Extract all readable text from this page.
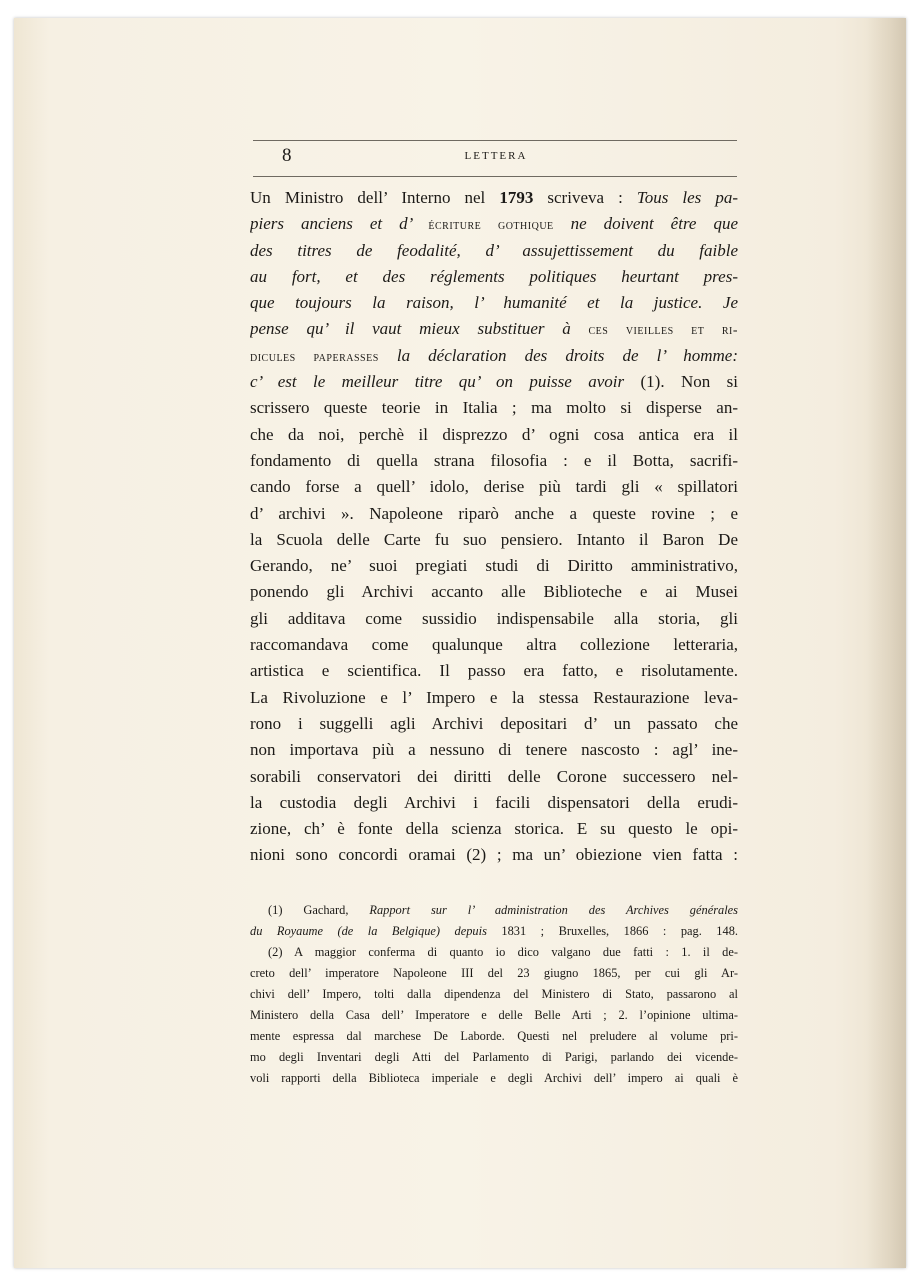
8	LETTERA
Un Ministro dell’ Interno nel 1793 scriveva : Tous les pa-
piers anciens et d’ écriture gothique ne doivent être que
des titres de feodalité, d’ assujettissement du faible
au fort, et des réglements politiques heurtant pres-
que toujours la raison, l’ humanité et la justice. Je
pense qu’ il vaut mieux substituer à ces vieilles et ri-
dicules paperasses la déclaration des droits de l’ homme:
c’ est le meilleur titre qu’ on puisse avoir (1). Non si
scrissero queste teorie in Italia ; ma molto si disperse an-
che da noi, perchè il disprezzo d’ ogni cosa antica era il
fondamento di quella strana filosofia : e il Botta, sacrifi-
cando forse a quell’ idolo, derise più tardi gli « spillatori
d’ archivi ». Napoleone riparò anche a queste rovine ; e
la Scuola delle Carte fu suo pensiero. Intanto il Baron De
Gerando, ne’ suoi pregiati studi di Diritto amministrativo,
ponendo gli Archivi accanto alle Biblioteche e ai Musei
gli additava come sussidio indispensabile alla storia, gli
raccomandava come qualunque altra collezione letteraria,
artistica e scientifica. Il passo era fatto, e risolutamente.
La Rivoluzione e l’ Impero e la stessa Restaurazione leva-
rono i suggelli agli Archivi depositari d’ un passato che
non importava più a nessuno di tenere nascosto : agl’ ine-
sorabili conservatori dei diritti delle Corone successero nel-
la custodia degli Archivi i facili dispensatori della erudi-
zione, ch’ è fonte della scienza storica. E su questo le opi-
nioni sono concordi oramai (2) ; ma un’ obiezione vien fatta :
(1) Gachard, Rapport sur l’ administration des Archives générales
du Royaume (de la Belgique) depuis 1831 ; Bruxelles, 1866 : pag. 148.
(2) A maggior conferma di quanto io dico valgano due fatti : 1. il de-
creto dell’ imperatore Napoleone III del 23 giugno 1865, per cui gli Ar-
chivi dell’ Impero, tolti dalla dipendenza del Ministero di Stato, passarono al
Ministero della Casa dell’ Imperatore e delle Belle Arti ; 2. l’opinione ultima-
mente espressa dal marchese De Laborde. Questi nel preludere al volume pri-
mo degli Inventari degli Atti del Parlamento di Parigi, parlando dei vicende-
voli rapporti della Biblioteca imperiale e degli Archivi dell’ impero ai quali è
